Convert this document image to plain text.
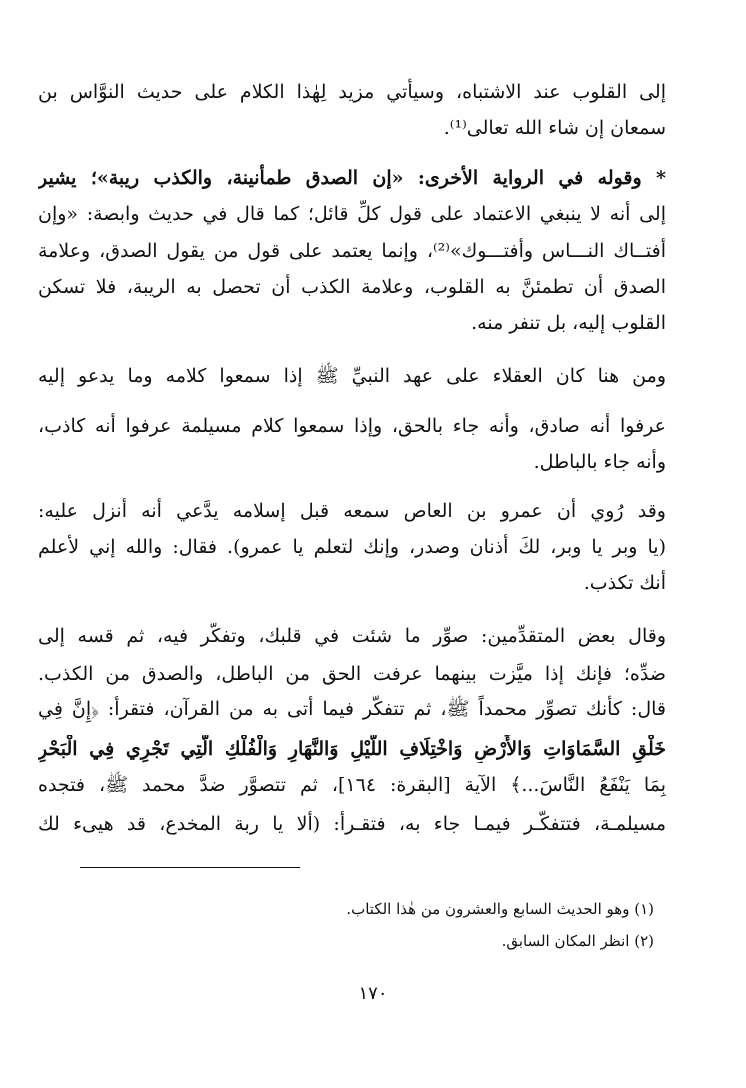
إلى القلوب عند الاشتباه، وسيأتي مزيد لِهٰذا الكلام على حديث النوَّاس بن
سمعان إن شاء الله تعالى⁽¹⁾.
* وقوله في الرواية الأخرى: «إن الصدق طمأنينة، والكذب ريبة»؛ يشير
إلى أنه لا ينبغي الاعتماد على قول كلِّ قائل؛ كما قال في حديث وابصة: «وإن
أفتــاك النـــاس وأفتـــوك»⁽²⁾، وإنما يعتمد على قول من يقول الصدق، وعلامة
الصدق أن تطمئنَّ به القلوب، وعلامة الكذب أن تحصل به الريبة، فلا تسكن
القلوب إليه، بل تنفر منه.
ومن هنا كان العقلاء على عهد النبيِّ ﷺ إذا سمعوا كلامه وما يدعو إليه
عرفوا أنه صادق، وأنه جاء بالحق، وإذا سمعوا كلام مسيلمة عرفوا أنه كاذب،
وأنه جاء بالباطل.
وقد رُوي أن عمرو بن العاص سمعه قبل إسلامه يدَّعي أنه أُنزل عليه:
(يا وبر يا وبر، لكَ أذنان وصدر، وإنك لتعلم يا عمرو). فقال: والله إني لأعلم
أنك تكذب.
وقال بعض المتقدِّمين: صوِّر ما شئت في قلبك، وتفكَّر فيه، ثم قسه إلى
ضدِّه؛ فإنك إذا ميَّزت بينهما عرفت الحق من الباطل، والصدق من الكذب.
قال: كأنك تصوِّر محمداً ﷺ، ثم تتفكَّر فيما أتى به من القرآن، فتقرأ: ﴿إِنَّ فِي
خَلْقِ السَّمَاوَاتِ وَالأَرْضِ وَاخْتِلَافِ اللَّيْلِ وَالنَّهَارِ وَالْفُلْكِ الَّتِي تَجْرِي فِي الْبَحْرِ
بِمَا يَنْفَعُ النَّاسَ...﴾ الآية [البقرة: ١٦٤]، ثم تتصوَّر ضدَّ محمد ﷺ، فتجده
مسيلمـة، فتتفكَّـر فيمـا جاء به، فتقـرأ: (ألا يا ربة المخدع، قد هيىء لك
(١) وهو الحديث السابع والعشرون من هٰذا الكتاب.
(٢) انظر المكان السابق.
١٧٠
